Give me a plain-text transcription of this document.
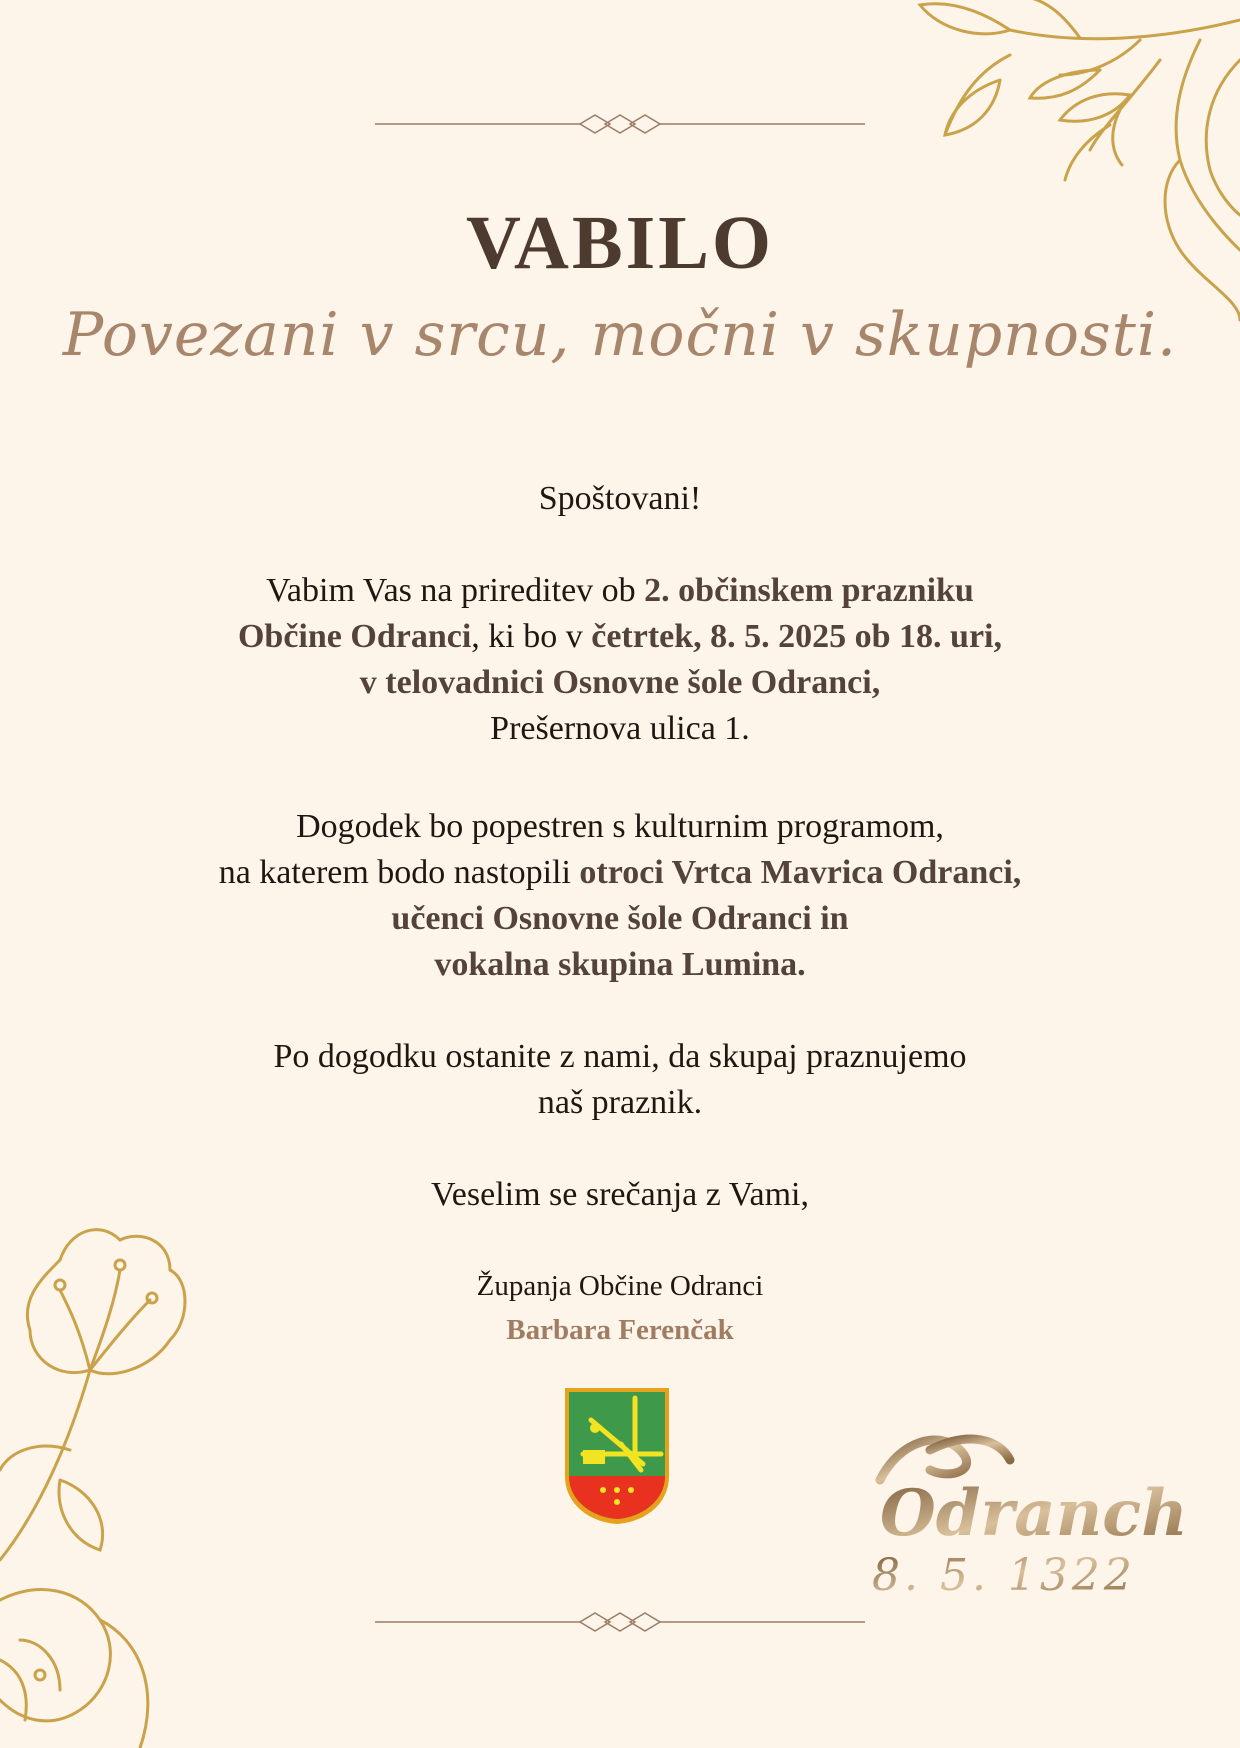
VABILO
Povezani v srcu, močni v skupnosti.
Spoštovani!
Vabim Vas na prireditev ob 2. občinskem prazniku
Občine Odranci, ki bo v četrtek, 8. 5. 2025 ob 18. uri,
v telovadnici Osnovne šole Odranci,
Prešernova ulica 1.
Dogodek bo popestren s kulturnim programom,
na katerem bodo nastopili otroci Vrtca Mavrica Odranci,
učenci Osnovne šole Odranci in
vokalna skupina Lumina.
Po dogodku ostanite z nami, da skupaj praznujemo
naš praznik.
Veselim se srečanja z Vami,
Županja Občine Odranci
Barbara Ferenčak
Odranch
8. 5. 1322
